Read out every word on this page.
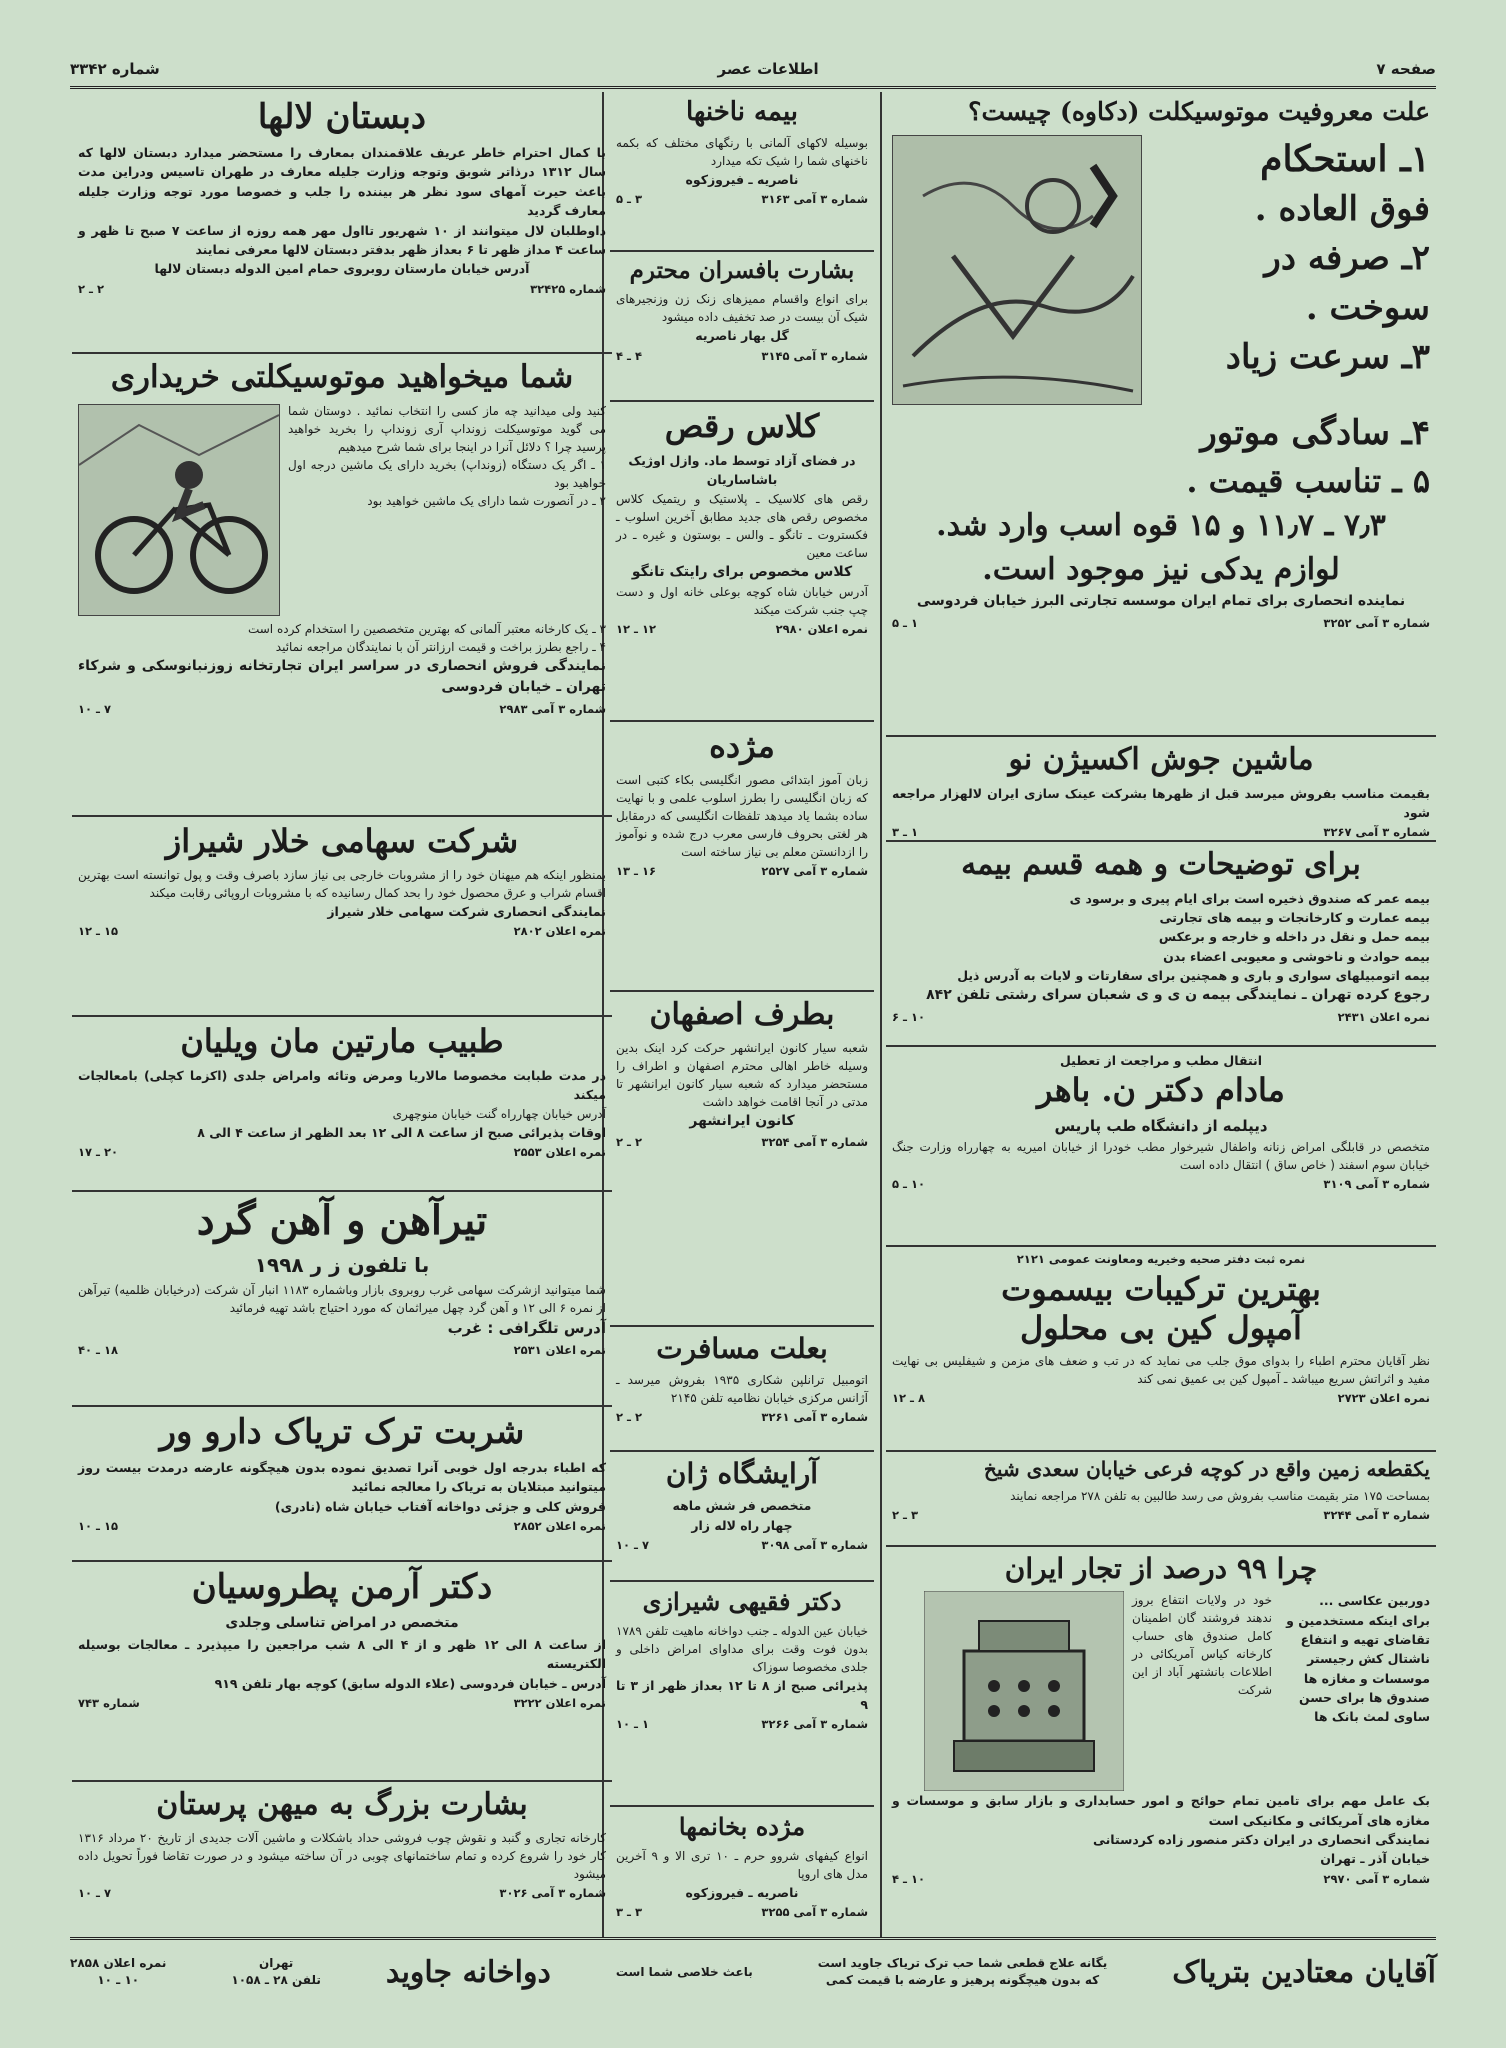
صفحه ۷
اطلاعات عصر
شماره ۳۳۴۲
علت معروفیت موتوسیکلت (دکاوه) چیست؟

۱ـ استحکام

فوق العاده .

۲ـ صرفه در

سوخت .

۳ـ سرعت زیاد

۴ـ سادگی موتور

۵ ـ تناسب قیمت .

۷٫۳ ـ ۱۱٫۷ و ۱۵ قوه اسب وارد شد.

لوازم یدکی نیز موجود است.

نماینده انحصاری برای تمام ایران موسسه تجارتی البرز خیابان فردوسی

شماره ۳ آمی ۳۲۵۲
۱ ـ ۵
ماشین جوش اکسیژن نو

بقیمت مناسب بفروش میرسد قبل از ظهرها بشرکت عینک سازی ایران لالهزار مراجعه شود

شماره ۳ آمی ۳۲۶۷
۱ ـ ۳
برای توضیحات و همه قسم بیمه

بیمه عمر که صندوق ذخیره است برای ایام پیری و برسود ی

بیمه عمارت و کارخانجات و بیمه های تجارتی

بیمه حمل و نقل در داخله و خارجه و برعکس

بیمه حوادث و ناخوشی و معیوبی اعضاء بدن

بیمه اتومبیلهای سواری و باری و همچنین برای سفارتات و لایات به آدرس ذیل

رجوع کرده تهران ـ نمایندگی بیمه ن ی و ی شعبان سرای رشتی تلفن ۸۴۲

نمره اعلان ۲۴۳۱
۱۰ ـ ۶

انتقال مطب و مراجعت از تعطیل

مادام دکتر ن. باهر

دیپلمه از دانشگاه طب پاریس

متخصص در قابلگی امراض زنانه واطفال شیرخوار مطب خودرا از خیابان امیریه به چهارراه وزارت جنگ خیابان سوم اسفند ( خاص ساق ) انتقال داده است

شماره ۳ آمی ۳۱۰۹
۱۰ ـ ۵

نمره ثبت دفتر صحیه وخیریه ومعاونت عمومی ۲۱۲۱

بهترین ترکیبات بیسموت
آمپول کین بی محلول

نظر آقایان محترم اطباء را بدوای موق جلب می نماید که در تب و ضعف های مزمن و شیفلیس بی نهایت مفید و اثراتش سریع میباشد ـ آمپول کین بی عمیق نمی کند

نمره اعلان ۲۷۲۳
۸ ـ ۱۲
یکقطعه زمین واقع در کوچه فرعی خیابان سعدی شیخ

بمساحت ۱۷۵ متر بقیمت مناسب بفروش می رسد طالبین به تلفن ۲۷۸ مراجعه نمایند

شماره ۳ آمی ۳۲۴۴
۳ ـ ۲
چرا ۹۹ درصد از تجار ایران

دوربین عکاسی ...

برای اینکه مستخدمین و

تقاضای تهیه و انتفاع

ناشتال کش رجیستر

موسسات و مغازه ها

صندوق ها برای حسن

ساوی لمث بانک ها

خود در ولایات انتفاع بروز ندهند فروشند گان اطمینان کامل صندوق های حساب کارخانه کیاس آمریکائی در اطلاعات بانشتهر آباد از این شرکت

بک عامل مهم برای تامین تمام حوائج و امور حسابداری و بازار سابق و موسسات و مغازه های آمریکائی و مکانیکی است

نمایندگی انحصاری در ایران دکتر منصور زاده کردستانی

خیابان آذر ـ تهران

شماره ۳ آمی ۲۹۷۰
۱۰ ـ ۴
بیمه ناخنها

بوسیله لاکهای آلمانی با رنگهای مختلف که بکمه ناخنهای شما را شیک تکه میدارد

ناصریه ـ فیروزکوه

شماره ۳ آمی ۳۱۶۳
۳ ـ ۵
بشارت بافسران محترم

برای انواع واقسام ممیزهای زنک زن وزنجیرهای شیک آن بیست در صد تخفیف داده میشود

گل بهار ناصریه

شماره ۳ آمی ۳۱۴۵
۴ ـ ۴
کلاس رقص

در فضای آزاد توسط ماد. وازل اوژیک باشاساریان

رقص های کلاسیک ـ پلاستیک و ریتمیک کلاس مخصوص رقص های جدید مطابق آخرین اسلوب ـ فکستروت ـ تانگو ـ والس ـ بوستون و غیره ـ در ساعت معین

کلاس مخصوص برای رایتک تانگو

آدرس خیابان شاه کوچه بوعلی خانه اول و دست چپ جنب شرکت میکند

نمره اعلان ۲۹۸۰
۱۲ ـ ۱۲
مژده

زبان آموز ابتدائی مصور انگلیسی بکاء کتبی است که زبان انگلیسی را بطرز اسلوب علمی و با نهایت ساده بشما یاد میدهد تلفظات انگلیسی که درمقابل هر لغتی بحروف فارسی معرب درج شده و نوآموز را ازدانستن معلم بی نیاز ساخته است

شماره ۳ آمی ۲۵۲۷
۱۶ ـ ۱۳
بطرف اصفهان

شعبه سیار کانون ایرانشهر حرکت کرد اینک بدین وسیله خاطر اهالی محترم اصفهان و اطراف را مستحضر میدارد که شعبه سیار کانون ایرانشهر تا مدتی در آنجا اقامت خواهد داشت

کانون ایرانشهر

شماره ۳ آمی ۳۲۵۴
۲ ـ ۲
بعلت مسافرت

اتومبیل ترانلپن شکاری ۱۹۳۵ بفروش میرسد ـ آژانس مرکزی خیابان نظامیه تلفن ۲۱۴۵

شماره ۳ آمی ۳۲۶۱
۲ ـ ۲
آرایشگاه ژان

متخصص فر شش ماهه

چهار راه لاله زار

شماره ۳ آمی ۳۰۹۸
۷ ـ ۱۰
دکتر فقیهی شیرازی

خیابان عین الدوله ـ جنب دواخانه ماهیت تلفن ۱۷۸۹ بدون فوت وقت برای مداوای امراض داخلی و جلدی مخصوصا سوزاک

پذیرائی صبح از ۸ تا ۱۲ بعداز ظهر از ۳ تا ۹

شماره ۳ آمی ۳۲۶۶
۱ ـ ۱۰
مژده بخانمها

انواع کیفهای شروو حرم ـ ۱۰ تری الا و ۹ آخرین مدل های اروپا

ناصریه ـ فیروزکوه

شماره ۳ آمی ۳۲۵۵
۳ ـ ۳
دبستان لالها

با کمال احترام خاطر عریف علاقمندان بمعارف را مستحضر میدارد دبستان لالها که سال ۱۳۱۲ درذاتر شوبق وتوجه وزارت جلیله معارف در طهران تاسیس ودراین مدت باعث حیرت آمهای سود نظر هر بیننده را جلب و خصوصا مورد توجه وزارت جلیله معارف گردید

داوطلبان لال میتوانند از ۱۰ شهریور تااول مهر همه روزه از ساعت ۷ صبح تا ظهر و ساعت ۴ مداز ظهر تا ۶ بعداز ظهر بدفتر دبستان لالها معرفی نمایند

آدرس خیابان مارستان روبروی حمام امین الدوله دبستان لالها

شماره ۳۲۴۲۵
۲ ـ ۲
شما میخواهید موتوسیکلتی خریداری

کنید ولی میدانید چه ماز کسی را انتخاب نمائید . دوستان شما می گوید موتوسیکلت زونداپ آری زونداپ را بخرید خواهید پرسید چرا ؟ دلائل آنرا در اینجا برای شما شرح میدهیم

۱ ـ اگر یک دستگاه (زونداپ) بخرید دارای یک ماشین درجه اول خواهید بود

۲ ـ در آنصورت شما دارای یک ماشین خواهید بود

۳ ـ یک کارخانه معتبر آلمانی که بهترین متخصصین را استخدام کرده است

۴ ـ راجع بطرز براخت و قیمت ارزانتر آن با نمایندگان مراجعه نمائید

نمایندگی فروش انحصاری در سراسر ایران تجارتخانه زوزنبانوسکی و شرکاء تهران ـ خیابان فردوسی

شماره ۳ آمی ۲۹۸۳
۷ ـ ۱۰
شرکت سهامی خلار شیراز

بمنظور اینکه هم میهنان خود را از مشروبات خارجی بی نیاز سازد باصرف وقت و پول توانسته است بهترین اقسام شراب و عرق محصول خود را بحد کمال رسانیده که با مشروبات اروپائی رقابت میکند

نمایندگی انحصاری شرکت سهامی خلار شیراز

نمره اعلان ۲۸۰۲
۱۵ ـ ۱۲
طبیب مارتین مان ویلیان

در مدت طبابت مخصوصا مالاریا ومرض وتائه وامراض جلدی (اکزما کچلی) بامعالجات میکند

آدرس خیابان چهارراه گنت خیابان منوچهری

اوقات پذیرائی صبح از ساعت ۸ الی ۱۲ بعد الظهر از ساعت ۴ الی ۸

نمره اعلان ۲۵۵۳
۲۰ ـ ۱۷
تیرآهن و آهن گرد

با تلفون ز ر ۱۹۹۸

شما میتوانید ازشرکت سهامی غرب روبروی بازار وباشماره ۱۱۸۳ انبار آن شرکت (درخیابان ظلمیه) تیرآهن از نمره ۶ الی ۱۲ و آهن گرد چهل میراثمان که مورد احتیاج باشد تهیه فرمائید

آدرس تلگرافی : غرب

نمره اعلان ۲۵۳۱
۱۸ ـ ۴۰
شربت ترک تریاک دارو ور

که اطباء بدرجه اول خوبی آنرا تصدیق نموده بدون هیچگونه عارضه درمدت بیست روز میتوانید مبتلایان به تریاک را معالجه نمائید

فروش کلی و جزئی دواخانه آفتاب خیابان شاه (نادری)

نمره اعلان ۲۸۵۲
۱۵ ـ ۱۰
دکتر آرمن پطروسیان

متخصص در امراض تناسلی وجلدی

از ساعت ۸ الی ۱۲ ظهر و از ۴ الی ۸ شب مراجعین را میپذیرد ـ معالجات بوسیله الکتریسته

آدرس ـ خیابان فردوسی (علاء الدوله سابق) کوچه بهار تلفن ۹۱۹

نمره اعلان ۳۲۲۲
شماره ۷۴۳
بشارت بزرگ به میهن پرستان

کارخانه تجاری و گنبد و نقوش چوب فروشی حداد باشکلات و ماشین آلات جدیدی از تاریخ ۲۰ مرداد ۱۳۱۶ کار خود را شروع کرده و تمام ساختمانهای چوبی در آن ساخته میشود و در صورت تقاضا فوراً تحویل داده میشود

شماره ۳ آمی ۳۰۲۶
۷ ـ ۱۰
آقایان معتادین بتریاک
یگانه علاج قطعی شما حب ترک تریاک جاوید است
که بدون هیچگونه پرهیز و عارضه با قیمت کمی
باعث خلاصی شما است
دواخانه جاوید
تهران
تلفن ۲۸ ـ ۱۰۵۸
نمره اعلان ۲۸۵۸
۱۰ ـ ۱۰
